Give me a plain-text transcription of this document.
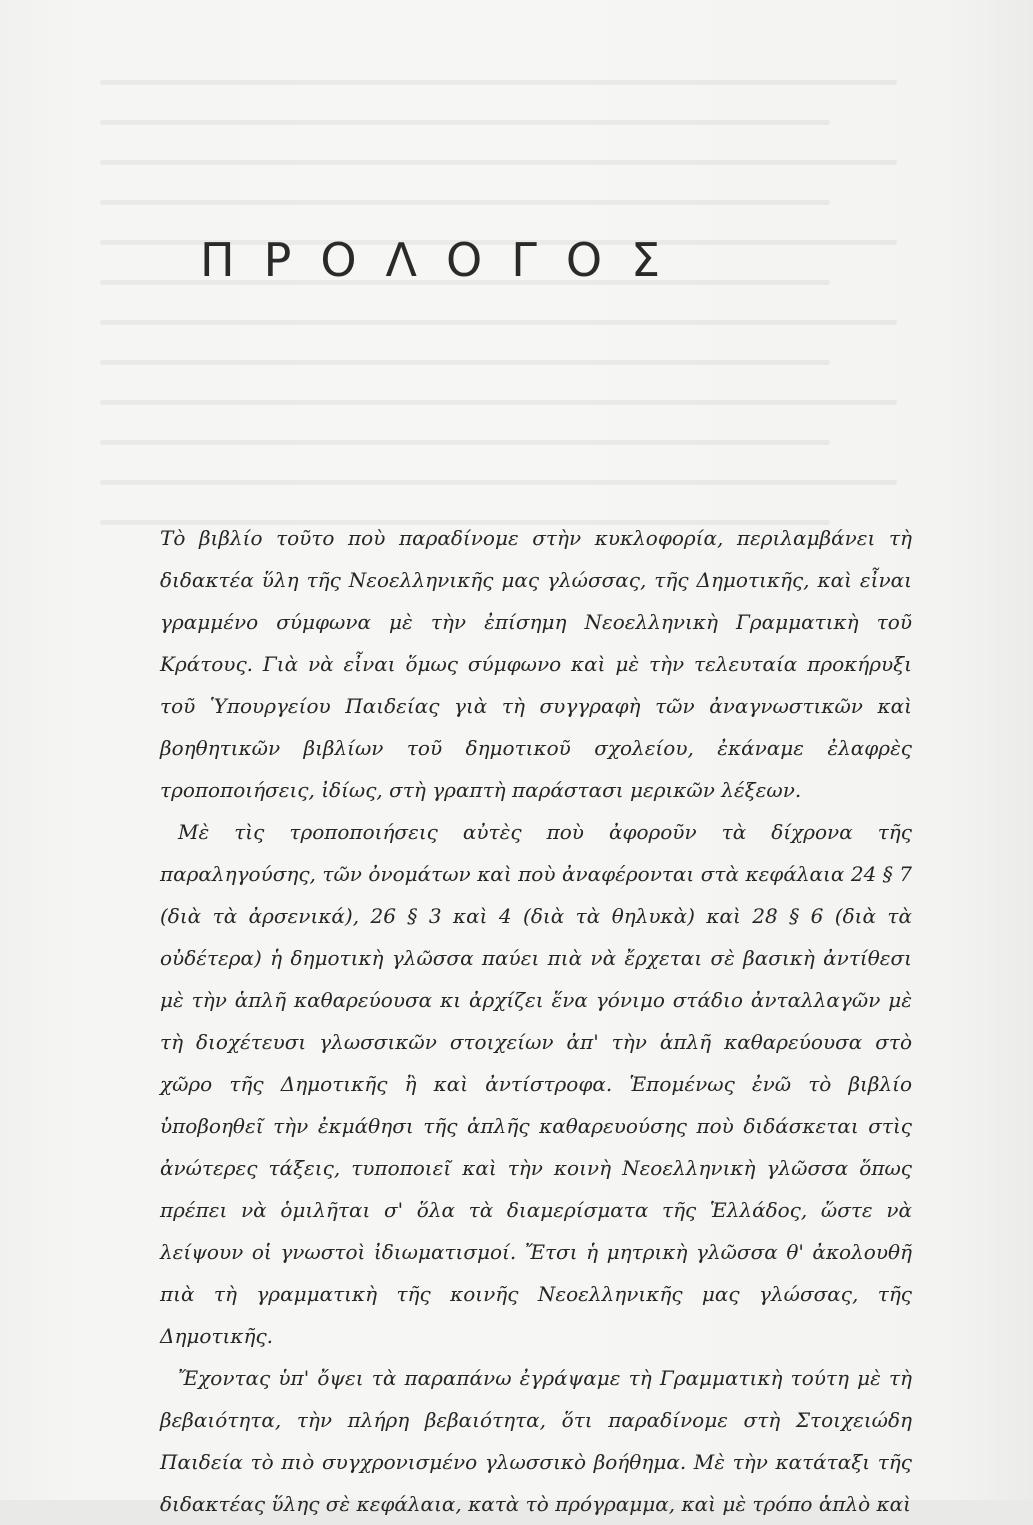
ΠΡΟΛΟΓΟΣ

Τὸ βιβλίο τοῦτο ποὺ παραδίνομε στὴν κυκλοφορία, περιλαμβάνει τὴ διδακτέα ὕλη τῆς Νεοελληνικῆς μας γλώσσας, τῆς Δημοτικῆς, καὶ εἶναι γραμμένο σύμφωνα μὲ τὴν ἐπίσημη Νεοελληνικὴ Γραμματικὴ τοῦ Κράτους. Γιὰ νὰ εἶναι ὅμως σύμφωνο καὶ μὲ τὴν τελευταία προκήρυξι τοῦ Ὑπουργείου Παιδείας γιὰ τὴ συγγραφὴ τῶν ἀναγνωστικῶν καὶ βοηθητικῶν βιβλίων τοῦ δημοτικοῦ σχολείου, ἐκάναμε ἐλαφρὲς τροποποιήσεις, ἰδίως, στὴ γραπτὴ παράστασι μερικῶν λέξεων.

Μὲ τὶς τροποποιήσεις αὐτὲς ποὺ ἀφοροῦν τὰ δίχρονα τῆς παραληγούσης, τῶν ὀνομάτων καὶ ποὺ ἀναφέρονται στὰ κεφάλαια 24 § 7 (διὰ τὰ ἀρσενικά), 26 § 3 καὶ 4 (διὰ τὰ θηλυκὰ) καὶ 28 § 6 (διὰ τὰ οὐδέτερα) ἡ δημοτικὴ γλῶσσα παύει πιὰ νὰ ἔρχεται σὲ βασικὴ ἀντίθεσι μὲ τὴν ἁπλῆ καθαρεύουσα κι ἀρχίζει ἕνα γόνιμο στάδιο ἀνταλλαγῶν μὲ τὴ διοχέτευσι γλωσσικῶν στοιχείων ἀπ' τὴν ἁπλῆ καθαρεύουσα στὸ χῶρο τῆς Δημοτικῆς ἢ καὶ ἀντίστροφα. Ἑπομένως ἐνῶ τὸ βιβλίο ὑποβοηθεῖ τὴν ἐκμάθησι τῆς ἁπλῆς καθαρευούσης ποὺ διδάσκεται στὶς ἀνώτερες τάξεις, τυποποιεῖ καὶ τὴν κοινὴ Νεοελληνικὴ γλῶσσα ὅπως πρέπει νὰ ὁμιλῆται σ' ὅλα τὰ διαμερίσματα τῆς Ἑλλάδος, ὥστε νὰ λείψουν οἱ γνωστοὶ ἰδιωματισμοί. Ἔτσι ἡ μητρικὴ γλῶσσα θ' ἀκολουθῆ πιὰ τὴ γραμματικὴ τῆς κοινῆς Νεοελληνικῆς μας γλώσσας, τῆς Δημοτικῆς.

Ἔχοντας ὑπ' ὄψει τὰ παραπάνω ἐγράψαμε τὴ Γραμματικὴ τούτη μὲ τὴ βεβαιότητα, τὴν πλήρη βεβαιότητα, ὅτι παραδίνομε στὴ Στοιχειώδη Παιδεία τὸ πιὸ συγχρονισμένο γλωσσικὸ βοήθημα. Μὲ τὴν κατάταξι τῆς διδακτέας ὕλης σὲ κεφάλαια, κατὰ τὸ πρόγραμμα, καὶ μὲ τρόπο ἁπλὸ καὶ
